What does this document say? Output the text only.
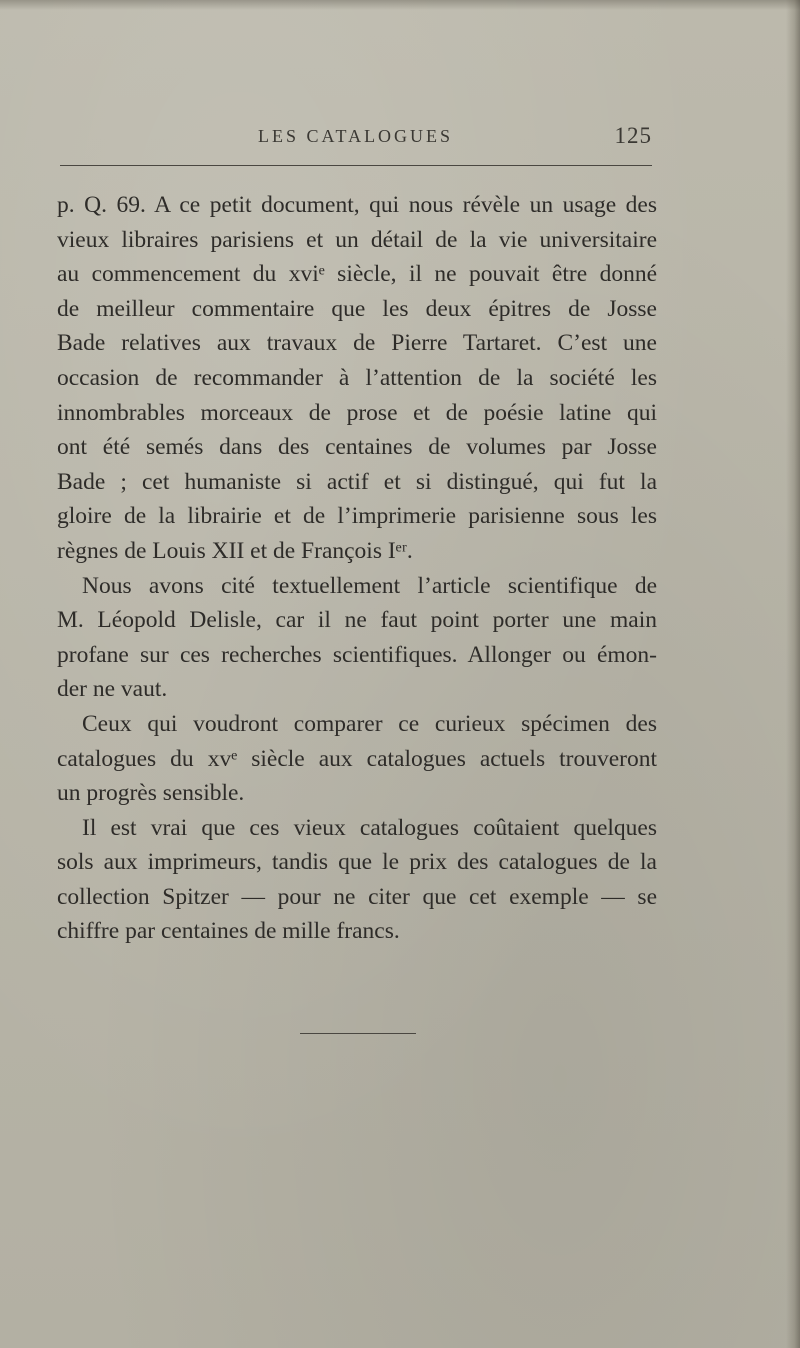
LES CATALOGUES	125
p. Q. 69. A ce petit document, qui nous révèle un usage des
vieux libraires parisiens et un détail de la vie universitaire
au commencement du xviᵉ siècle, il ne pouvait être donné
de meilleur commentaire que les deux épitres de Josse
Bade relatives aux travaux de Pierre Tartaret. C’est une
occasion de recommander à l’attention de la société les
innombrables morceaux de prose et de poésie latine qui
ont été semés dans des centaines de volumes par Josse
Bade ; cet humaniste si actif et si distingué, qui fut la
gloire de la librairie et de l’imprimerie parisienne sous les
règnes de Louis XII et de François Iᵉʳ.
Nous avons cité textuellement l’article scientifique de
M. Léopold Delisle, car il ne faut point porter une main
profane sur ces recherches scientifiques. Allonger ou émon-
der ne vaut.
Ceux qui voudront comparer ce curieux spécimen des
catalogues du xvᵉ siècle aux catalogues actuels trouveront
un progrès sensible.
Il est vrai que ces vieux catalogues coûtaient quelques
sols aux imprimeurs, tandis que le prix des catalogues de la
collection Spitzer — pour ne citer que cet exemple — se
chiffre par centaines de mille francs.
